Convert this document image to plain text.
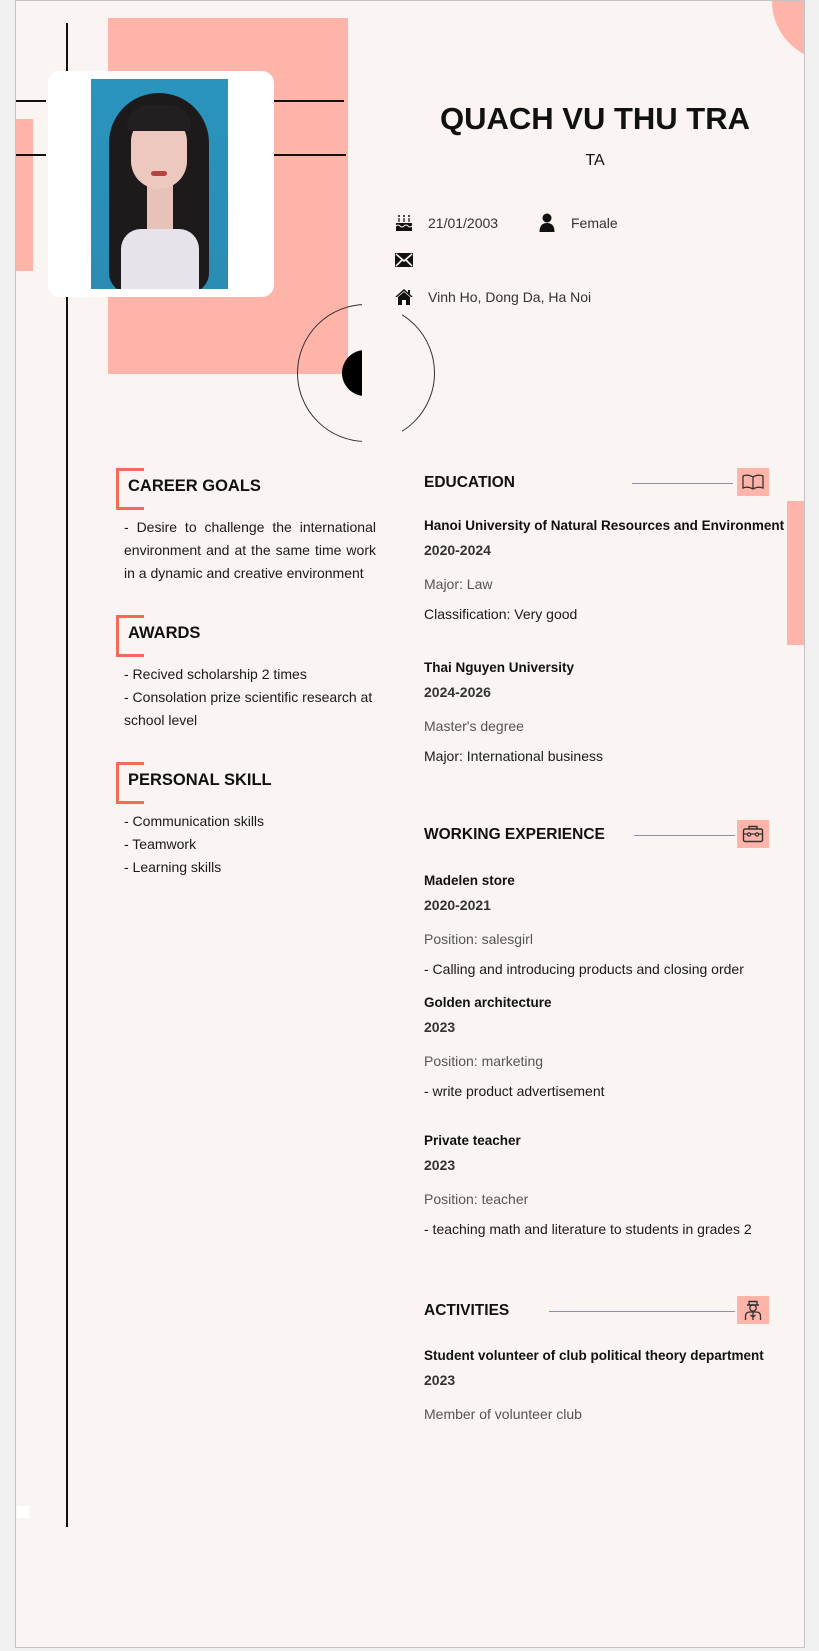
QUACH VU THU TRA
TA
21/01/2003	Female
Vinh Ho, Dong Da, Ha Noi
CAREER GOALS
- Desire to challenge the international environment and at the same time work in a dynamic and creative environment
AWARDS
- Recived scholarship 2 times
- Consolation prize scientific research at school level
PERSONAL SKILL
- Communication skills
- Teamwork
- Learning skills
EDUCATION
Hanoi University of Natural Resources and Environment
2020-2024
Major: Law
Classification: Very good
Thai Nguyen University
2024-2026
Master's degree
Major: International business
WORKING EXPERIENCE
Madelen store
2020-2021
Position: salesgirl
- Calling and introducing products and closing order
Golden architecture
2023
Position: marketing
- write product advertisement
Private teacher
2023
Position: teacher
- teaching math and literature to students in grades 2
ACTIVITIES
Student volunteer of club political theory department
2023
Member of volunteer club
